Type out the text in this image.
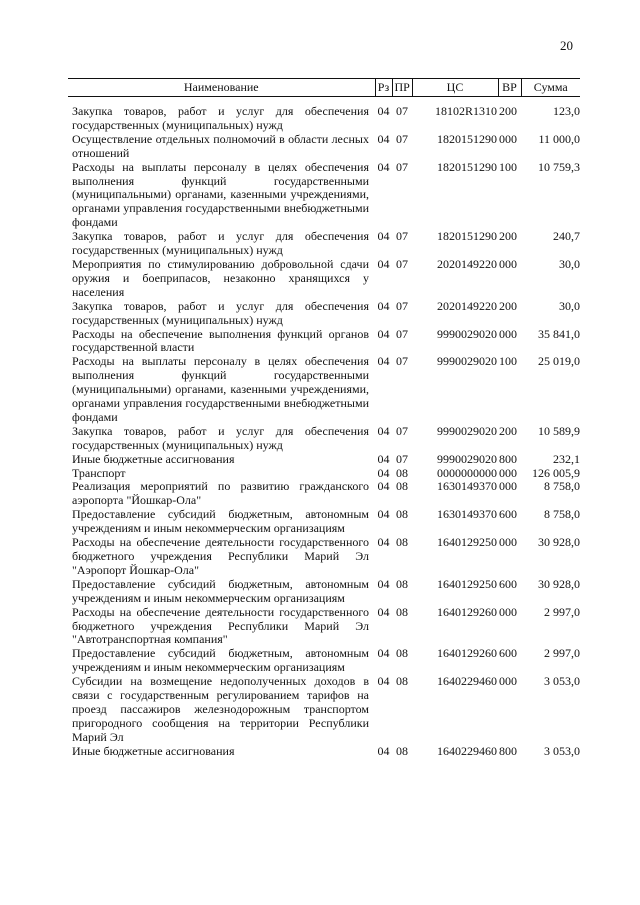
20
Наименование	Рз	ПР	ЦС	ВР	Сумма

Закупка товаров, работ и услуг для обеспечения государственных (муниципальных) нужд	04	07	18102R1310	200	123,0
Осуществление отдельных полномочий в области лесных отношений	04	07	1820151290	000	11 000,0
Расходы на выплаты персоналу в целях обеспечения выполнения функций государственными (муниципальными) органами, казенными учреждениями, органами управления государственными внебюджетными фондами	04	07	1820151290	100	10 759,3
Закупка товаров, работ и услуг для обеспечения государственных (муниципальных) нужд	04	07	1820151290	200	240,7
Мероприятия по стимулированию добровольной сдачи оружия и боеприпасов, незаконно хранящихся у населения	04	07	2020149220	000	30,0
Закупка товаров, работ и услуг для обеспечения государственных (муниципальных) нужд	04	07	2020149220	200	30,0
Расходы на обеспечение выполнения функций органов государственной власти	04	07	9990029020	000	35 841,0
Расходы на выплаты персоналу в целях обеспечения выполнения функций государственными (муниципальными) органами, казенными учреждениями, органами управления государственными внебюджетными фондами	04	07	9990029020	100	25 019,0
Закупка товаров, работ и услуг для обеспечения государственных (муниципальных) нужд	04	07	9990029020	200	10 589,9
Иные бюджетные ассигнования	04	07	9990029020	800	232,1
Транспорт	04	08	0000000000	000	126 005,9
Реализация мероприятий по развитию гражданского аэропорта "Йошкар-Ола"	04	08	1630149370	000	8 758,0
Предоставление субсидий бюджетным, автономным учреждениям и иным некоммерческим организациям	04	08	1630149370	600	8 758,0
Расходы на обеспечение деятельности государственного бюджетного учреждения Республики Марий Эл "Аэропорт Йошкар-Ола"	04	08	1640129250	000	30 928,0
Предоставление субсидий бюджетным, автономным учреждениям и иным некоммерческим организациям	04	08	1640129250	600	30 928,0
Расходы на обеспечение деятельности государственного бюджетного учреждения Республики Марий Эл "Автотранспортная компания"	04	08	1640129260	000	2 997,0
Предоставление субсидий бюджетным, автономным учреждениям и иным некоммерческим организациям	04	08	1640129260	600	2 997,0
Субсидии на возмещение недополученных доходов в связи с государственным регулированием тарифов на проезд пассажиров железнодорожным транспортом пригородного сообщения на территории Республики Марий Эл	04	08	1640229460	000	3 053,0
Иные бюджетные ассигнования	04	08	1640229460	800	3 053,0
